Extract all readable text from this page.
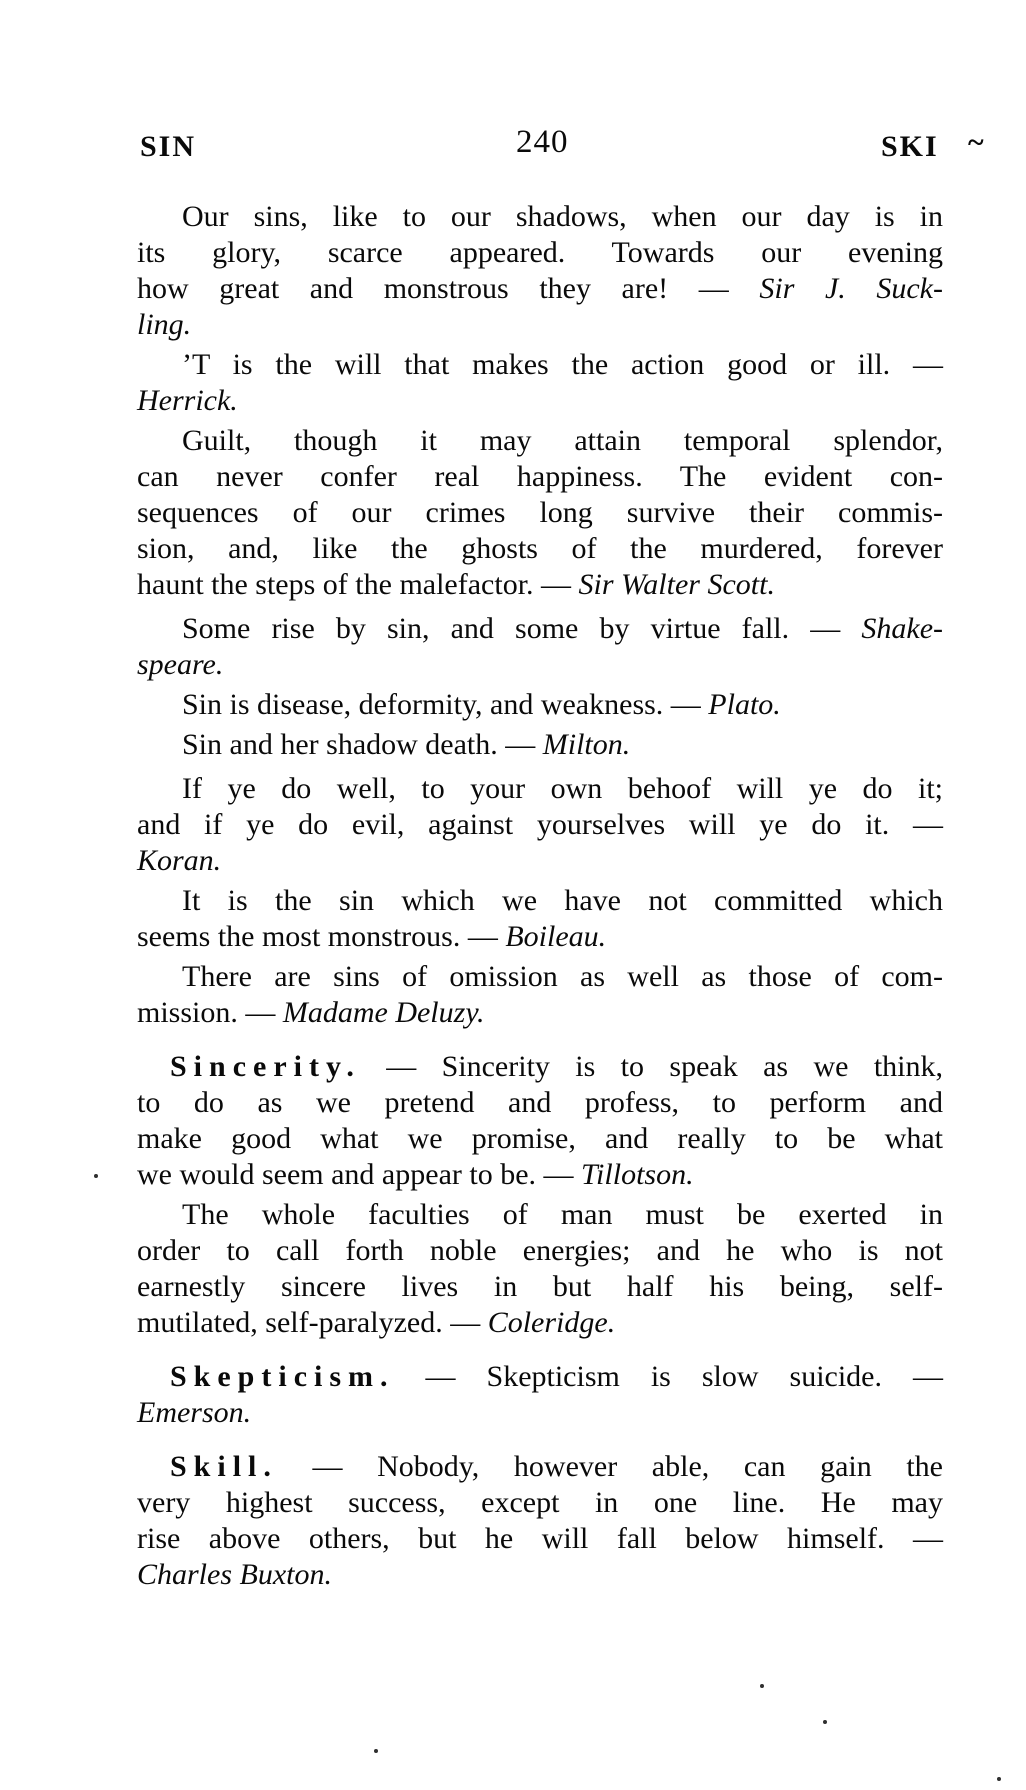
SIN	240	SKI ~
Our sins, like to our shadows, when our day is in
its glory, scarce appeared. Towards our evening
how great and monstrous they are! — Sir J. Suck-
ling.
’T is the will that makes the action good or ill. —
Herrick.
Guilt, though it may attain temporal splendor,
can never confer real happiness. The evident con-
sequences of our crimes long survive their commis-
sion, and, like the ghosts of the murdered, forever
haunt the steps of the malefactor. — Sir Walter Scott.
Some rise by sin, and some by virtue fall. — Shake-
speare.
Sin is disease, deformity, and weakness. — Plato.
Sin and her shadow death. — Milton.
If ye do well, to your own behoof will ye do it;
and if ye do evil, against yourselves will ye do it. —
Koran.
It is the sin which we have not committed which
seems the most monstrous. — Boileau.
There are sins of omission as well as those of com-
mission. — Madame Deluzy.
Sincerity. — Sincerity is to speak as we think,
to do as we pretend and profess, to perform and
make good what we promise, and really to be what
we would seem and appear to be. — Tillotson.
The whole faculties of man must be exerted in
order to call forth noble energies; and he who is not
earnestly sincere lives in but half his being, self-
mutilated, self-paralyzed. — Coleridge.
Skepticism. — Skepticism is slow suicide. —
Emerson.
Skill. — Nobody, however able, can gain the
very highest success, except in one line. He may
rise above others, but he will fall below himself. —
Charles Buxton.
